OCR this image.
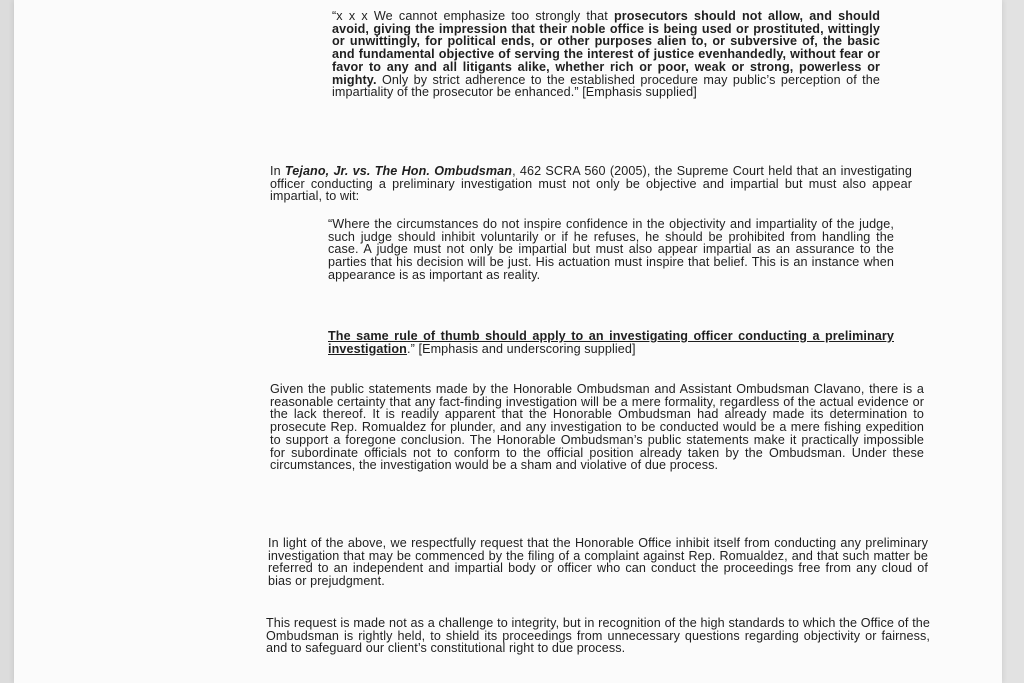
“x x x We cannot emphasize too strongly that prosecutors should not allow, and should avoid, giving the impression that their noble office is being used or prostituted, wittingly or unwittingly, for political ends, or other purposes alien to, or subversive of, the basic and fundamental objective of serving the interest of justice evenhandedly, without fear or favor to any and all litigants alike, whether rich or poor, weak or strong, powerless or mighty. Only by strict adherence to the established procedure may public’s perception of the impartiality of the prosecutor be enhanced.” [Emphasis supplied]

In Tejano, Jr. vs. The Hon. Ombudsman, 462 SCRA 560 (2005), the Supreme Court held that an investigating officer conducting a preliminary investigation must not only be objective and impartial but must also appear impartial, to wit:

“Where the circumstances do not inspire confidence in the objectivity and impartiality of the judge, such judge should inhibit voluntarily or if he refuses, he should be prohibited from handling the case. A judge must not only be impartial but must also appear impartial as an assurance to the parties that his decision will be just. His actuation must inspire that belief. This is an instance when appearance is as important as reality.

The same rule of thumb should apply to an investigating officer conducting a preliminary investigation.” [Emphasis and underscoring supplied]

Given the public statements made by the Honorable Ombudsman and Assistant Ombudsman Clavano, there is a reasonable certainty that any fact-finding investigation will be a mere formality, regardless of the actual evidence or the lack thereof. It is readily apparent that the Honorable Ombudsman had already made its determination to prosecute Rep. Romualdez for plunder, and any investigation to be conducted would be a mere fishing expedition to support a foregone conclusion. The Honorable Ombudsman’s public statements make it practically impossible for subordinate officials not to conform to the official position already taken by the Ombudsman. Under these circumstances, the investigation would be a sham and violative of due process.

In light of the above, we respectfully request that the Honorable Office inhibit itself from conducting any preliminary investigation that may be commenced by the filing of a complaint against Rep. Romualdez, and that such matter be referred to an independent and impartial body or officer who can conduct the proceedings free from any cloud of bias or prejudgment.

This request is made not as a challenge to integrity, but in recognition of the high standards to which the Office of the Ombudsman is rightly held, to shield its proceedings from unnecessary questions regarding objectivity or fairness, and to safeguard our client’s constitutional right to due process.
